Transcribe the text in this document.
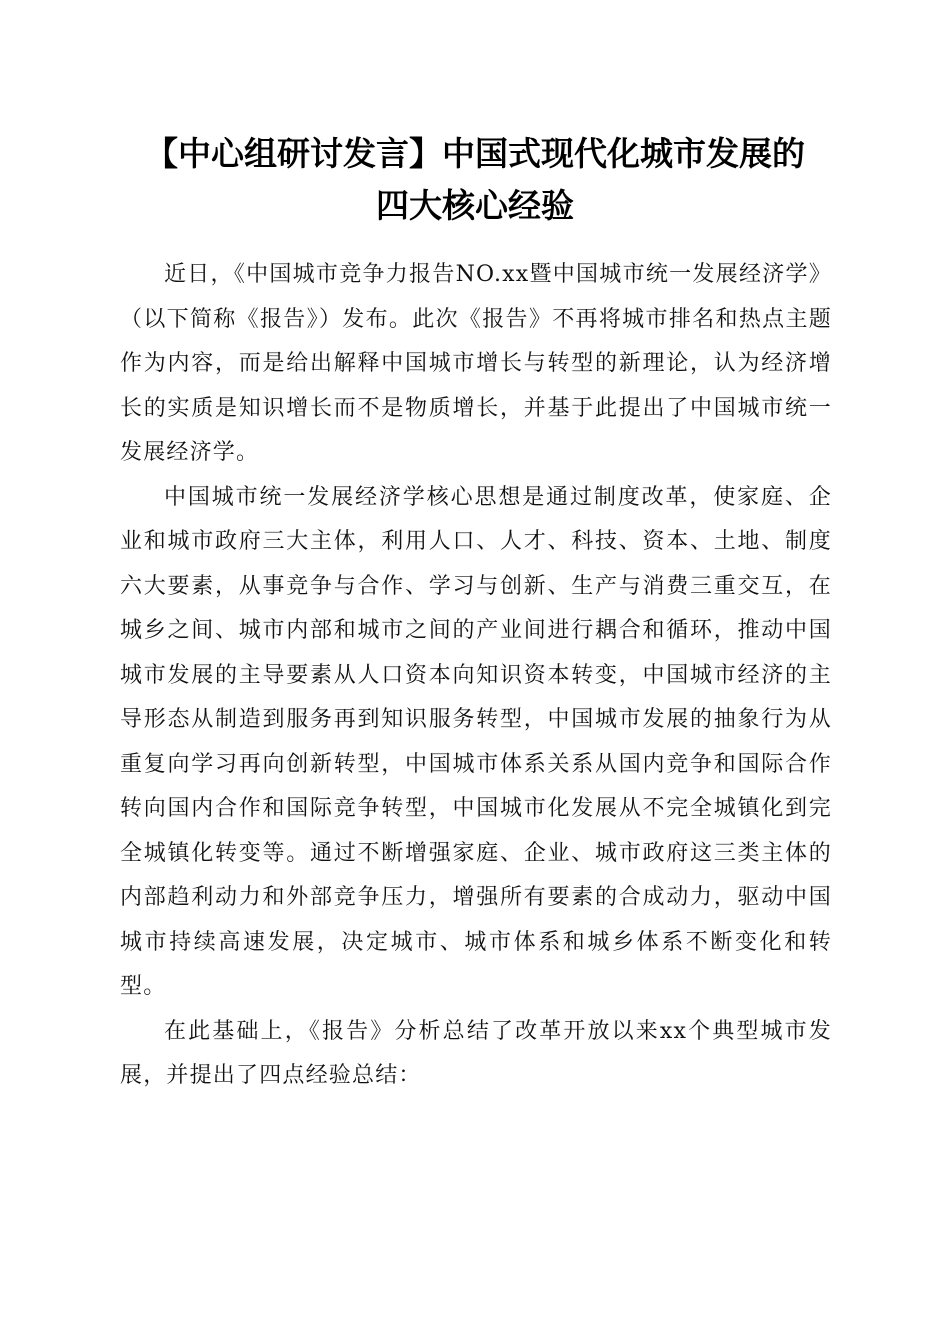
【中心组研讨发言】中国式现代化城市发展的
四大核心经验

近日，《中国城市竞争力报告NO.xx暨中国城市统一发展经济学》（以下简称《报告》）发布。此次《报告》不再将城市排名和热点主题作为内容，而是给出解释中国城市增长与转型的新理论，认为经济增长的实质是知识增长而不是物质增长，并基于此提出了中国城市统一发展经济学。

中国城市统一发展经济学核心思想是通过制度改革，使家庭、企业和城市政府三大主体，利用人口、人才、科技、资本、土地、制度六大要素，从事竞争与合作、学习与创新、生产与消费三重交互，在城乡之间、城市内部和城市之间的产业间进行耦合和循环，推动中国城市发展的主导要素从人口资本向知识资本转变，中国城市经济的主导形态从制造到服务再到知识服务转型，中国城市发展的抽象行为从重复向学习再向创新转型，中国城市体系关系从国内竞争和国际合作转向国内合作和国际竞争转型，中国城市化发展从不完全城镇化到完全城镇化转变等。通过不断增强家庭、企业、城市政府这三类主体的内部趋利动力和外部竞争压力，增强所有要素的合成动力，驱动中国城市持续高速发展，决定城市、城市体系和城乡体系不断变化和转型。

在此基础上，《报告》分析总结了改革开放以来xx个典型城市发展，并提出了四点经验总结：
